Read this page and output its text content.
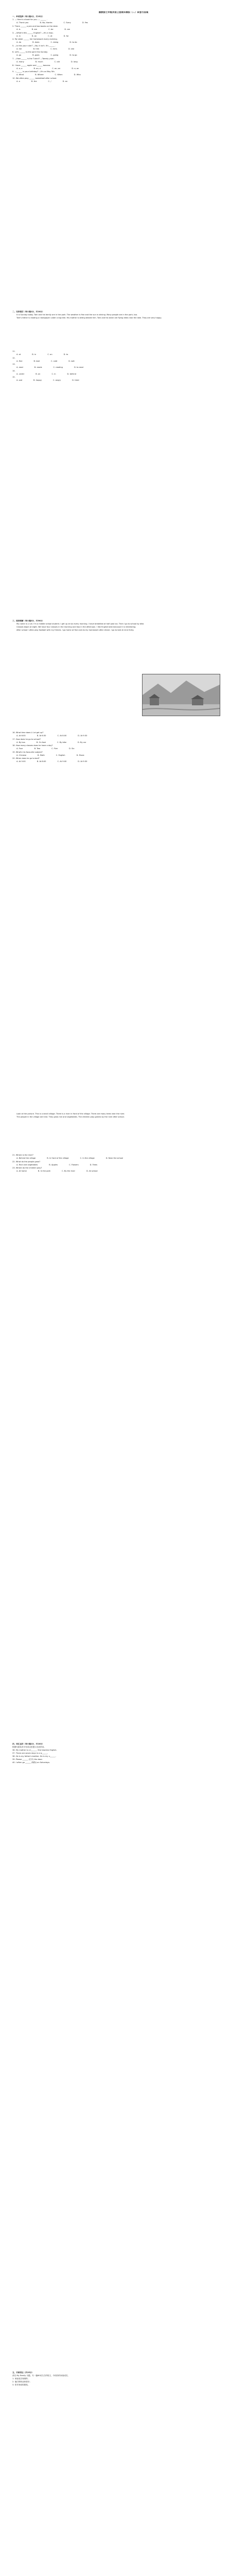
湘教版七年级英语上册期末模拟（二）试卷与答案

一、单项选择（每小题1分，共15分）

1. — Here's a book for you. — ______ .

A. Thank you	B. No, thanks	C. Sorry	D. Yes

2. There ______ a pen and two books on the desk.

A. is	B. are	C. be	D. am

3. —What's this ______ English? —It's a map.

A. in	B. on	C. at	D. for

4. My sister ______ her homework every evening.

A. do	B. does	C. doing	D. to do

5. —Is this your ruler? —No, it isn't. It's ______ .

A. her	B. him	C. hers	D. she

6. Let's ______ to the park this Sunday.

A. go	B. goes	C. going	D. to go

7. —How ______ is the T-shirt? —Twenty yuan.

A. many	B. much	C. old	D. long

8. I have ______ apple and ______ banana.

A. a; a	B. an; a	C. an; an	D. a; an

9. —______ is your birthday? —It's on May 5th.

A. What	B. Where	C. When	D. Who

10. We often play ______ basketball after school.

A. a	B. the	C. /	D. an

二、完形填空（每小题1分，共10分）

It is Sunday today. Tom and his family are in the park. The weather is fine and the sun is shining. Many people are in the park, too.

Tom's father is reading a newspaper under a big tree. His mother is sitting beside him. Tom and his sister are flying kites near the lake. They are very happy.

11.

A. at	B. in	C. on	D. to

12.

A. fine	B. bad	C. cold	D. wet

13.

A. read	B. reads	C. reading	D. to read

14.

A. under	B. on	C. in	D. behind

15.

A. sad	B. happy	C. angry	D. tired

三、阅读理解（每小题2分，共30分）

My name is Li Lei. I'm a middle school student. I get up at six every morning. I have breakfast at half past six. Then I go to school by bike.

Classes begin at eight. We have four classes in the morning and two in the afternoon. I like English best because it is interesting.

After school I often play football with my friends. I go home at five and do my homework after dinner. I go to bed at nine thirty.

16. What time does Li Lei get up?

A. At 6:00	B. At 6:30	C. At 8:00	D. At 9:30

17. How does he go to school?

A. By bus	B. On foot	C. By bike	D. By car

18. How many classes does he have a day?

A. Four	B. Two	C. Five	D. Six

19. What's his favourite subject?

A. Chinese	B. Math	C. English	D. Music

20. When does he go to bed?

A. At 5:00	B. At 8:00	C. At 9:00	D. At 9:30

Look at the picture. This is a small village. There is a river in front of the village. There are many trees near the river.

The people in the village are kind. They grow rice and vegetables. The children play games by the river after school.

21. Where is the river?

A. Behind the village	B. In front of the village	C. In the village	D. Near the school

22. What do the people grow?

A. Rice and vegetables	B. Apples	C. Flowers	D. Trees

23. Where do the children play?

A. At home	B. In the park	C. By the river	D. At school

四、词汇运用（每小题1分，共10分）

根据句意及首字母或汉语提示完成单词。

36. My mother is a t______. She teaches English.

37. There are seven days in a w______.

38. He is my father's brother. He is my u______.

39. Please ______ (打开) the door.

40. I often go ______ (购物) on Saturdays.

五、书面表达（共15分）

请以 My Family 为题，写一篇60词左右的短文，介绍你的家庭成员。

1. 家庭成员有哪些；

2. 他们的职业和爱好；

3. 你对家庭的感受。
